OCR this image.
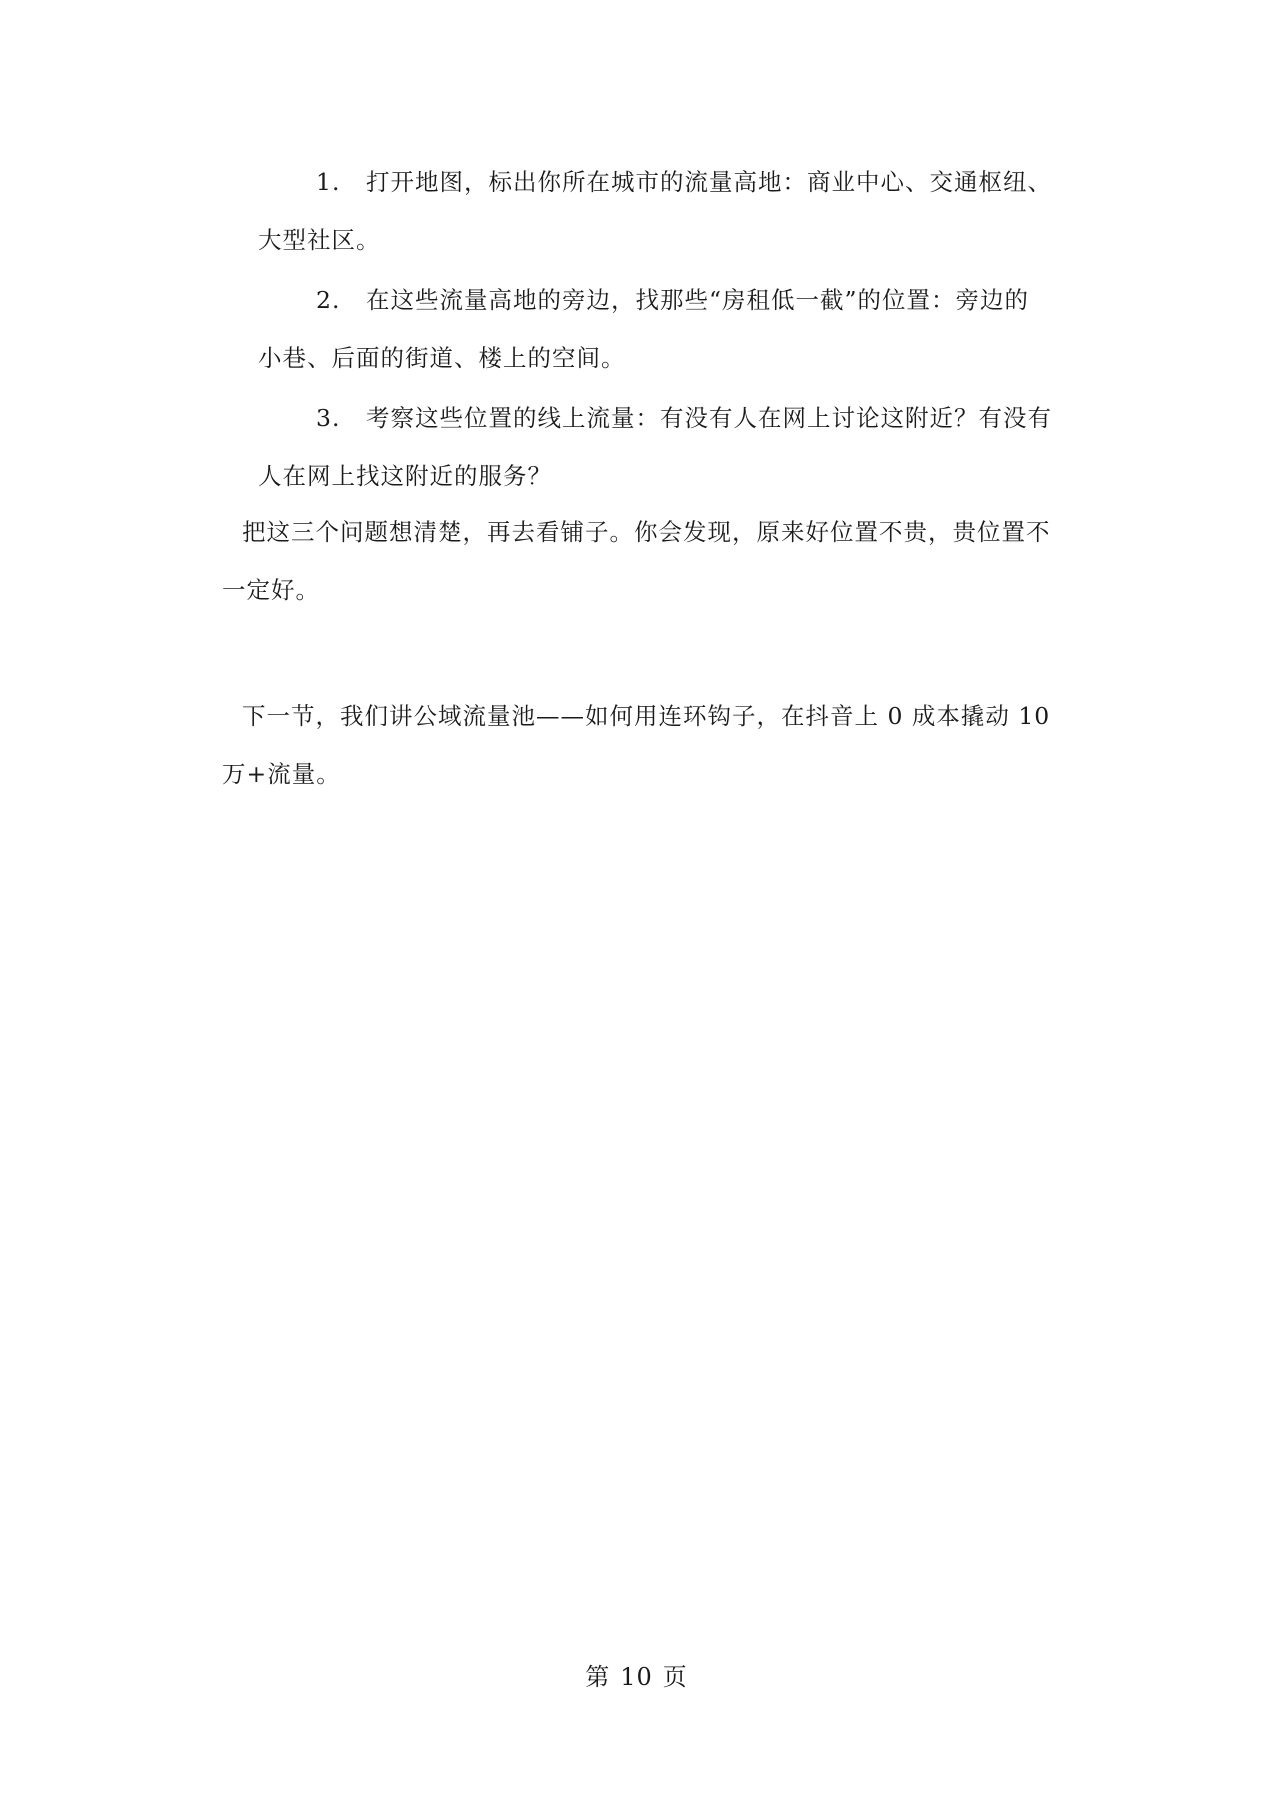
1. 打开地图，标出你所在城市的流量高地：商业中心、交通枢纽、
大型社区。
2. 在这些流量高地的旁边，找那些“房租低一截”的位置：旁边的
小巷、后面的街道、楼上的空间。
3. 考察这些位置的线上流量：有没有人在网上讨论这附近？有没有
人在网上找这附近的服务？
把这三个问题想清楚，再去看铺子。你会发现，原来好位置不贵，贵位置不
一定好。
下一节，我们讲公域流量池——如何用连环钩子，在抖音上 0 成本撬动 10
万+流量。
第 10 页
